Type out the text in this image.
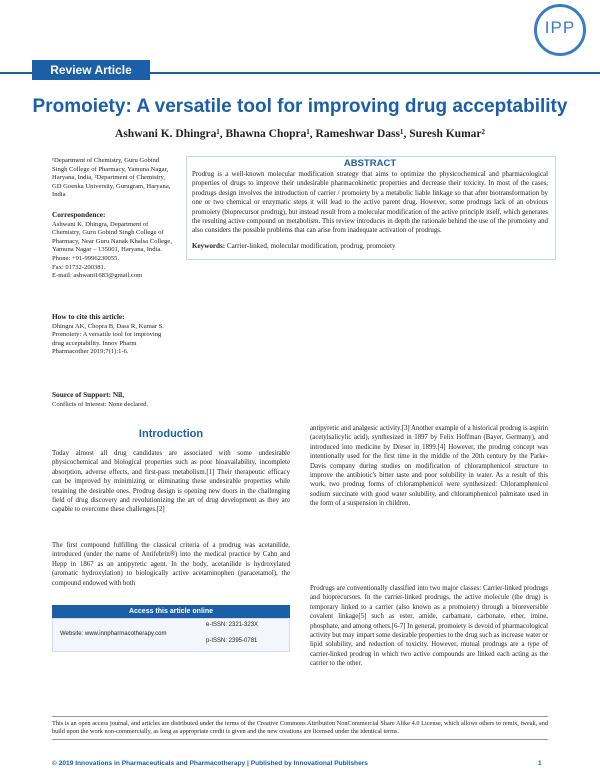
IPP
Review Article
Promoiety: A versatile tool for improving drug acceptability
Ashwani K. Dhingra¹, Bhawna Chopra¹, Rameshwar Dass¹, Suresh Kumar²
¹Department of Chemistry, Guru Gobind Singh College of Pharmacy, Yamuna Nagar, Haryana, India, ²Department of Chemistry, GD Goenka University, Gurugram, Haryana, India
Correspondence:
Ashwani K. Dhingra, Department of Chemistry, Guru Gobind Singh College of Pharmacy, Near Guru Nanak Khalsa College, Yamuna Nagar – 135001, Haryana, India.
Phone: +91-9996230055.
Fax: 01732-200381.
E-mail: ashwani1683@gmail.com
How to cite this article:
Dhingra AK, Chopra B, Dass R, Kumar S. Promoiety: A versatile tool for improving drug acceptability. Innov Pharm Pharmacother 2019;7(1):1-6.
Source of Support: Nil,
Conflicts of Interest: None declared.
ABSTRACT
Prodrug is a well-known molecular modification strategy that aims to optimize the physicochemical and pharmacological properties of drugs to improve their undesirable pharmacokinetic properties and decrease their toxicity. In most of the cases, prodrugs design involves the introduction of carrier / promoiety by a metabolic liable linkage so that after biotransformation by one or two chemical or enzymatic steps it will lead to the active parent drug. However, some prodrugs lack of an obvious promoiety (bioprecursor prodrug), but instead result from a molecular modification of the active principle itself, which generates the resulting active compound on metabolism. This review introduces in depth the rationale behind the use of the promoiety and also considers the possible problems that can arise from inadequate activation of prodrugs.
Keywords: Carrier-linked, molecular modification, prodrug, promoiety
Introduction
Today almost all drug candidates are associated with some undesirable physicochemical and biological properties such as poor bioavailability, incomplete absorption, adverse effects, and first-pass metabolism.[1] Their therapeutic efficacy can be improved by minimizing or eliminating these undesirable properties while retaining the desirable ones. Prodrug design is opening new doors in the challenging field of drug discovery and revolutionizing the art of drug development as they are capable to overcome these challenges.[2]
The first compound fulfilling the classical criteria of a prodrug was acetanilide, introduced (under the name of Antifebrin®) into the medical practice by Cahn and Hepp in 1867 as an antipyretic agent. In the body, acetanilide is hydroxylated (aromatic hydroxylation) to biologically active acetaminophen (paracetamol), the compound endowed with both
antipyretic and analgesic activity.[3] Another example of a historical prodrug is aspirin (acetylsalicylic acid), synthesized in 1897 by Felix Hoffman (Bayer, Germany), and introduced into medicine by Dreser in 1899.[4] However, the prodrug concept was intentionally used for the first time in the middle of the 20th century by the Parke-Davis company during studies on modification of chloramphenicol structure to improve the antibiotic's bitter taste and poor solubility in water. As a result of this work, two prodrug forms of chloramphenicol were synthesized: Chloramphenicol sodium succinate with good water solubility, and chloramphenicol palmitate used in the form of a suspension in children.
Prodrugs are conventionally classified into two major classes: Carrier-linked prodrugs and bioprecursors. In the carrier-linked prodrugs, the active molecule (the drug) is temporary linked to a carrier (also known as a promoiety) through a bioreversible covalent linkage[5] such as ester, amide, carbamate, carbonate, ether, imine, phosphate, and among others.[6-7] In general, promoiety is devoid of pharmacological activity but may impart some desirable properties to the drug such as increase water or lipid solubility, and reduction of toxicity. However, mutual prodrugs are a type of carrier-linked prodrug in which two active compounds are linked each acting as the carrier to the other.
Access this article online
Website: www.innpharmacotherapy.com
e-ISSN: 2321-323X
p-ISSN: 2395-0781
This is an open access journal, and articles are distributed under the terms of the Creative Commons Attribution NonCommercial Share Alike 4.0 License, which allows others to remix, tweak, and build upon the work non-commercially, as long as appropriate credit is given and the new creations are licensed under the identical terms.
© 2019 Innovations in Pharmaceuticals and Pharmacotherapy | Published by Innovational Publishers	1
